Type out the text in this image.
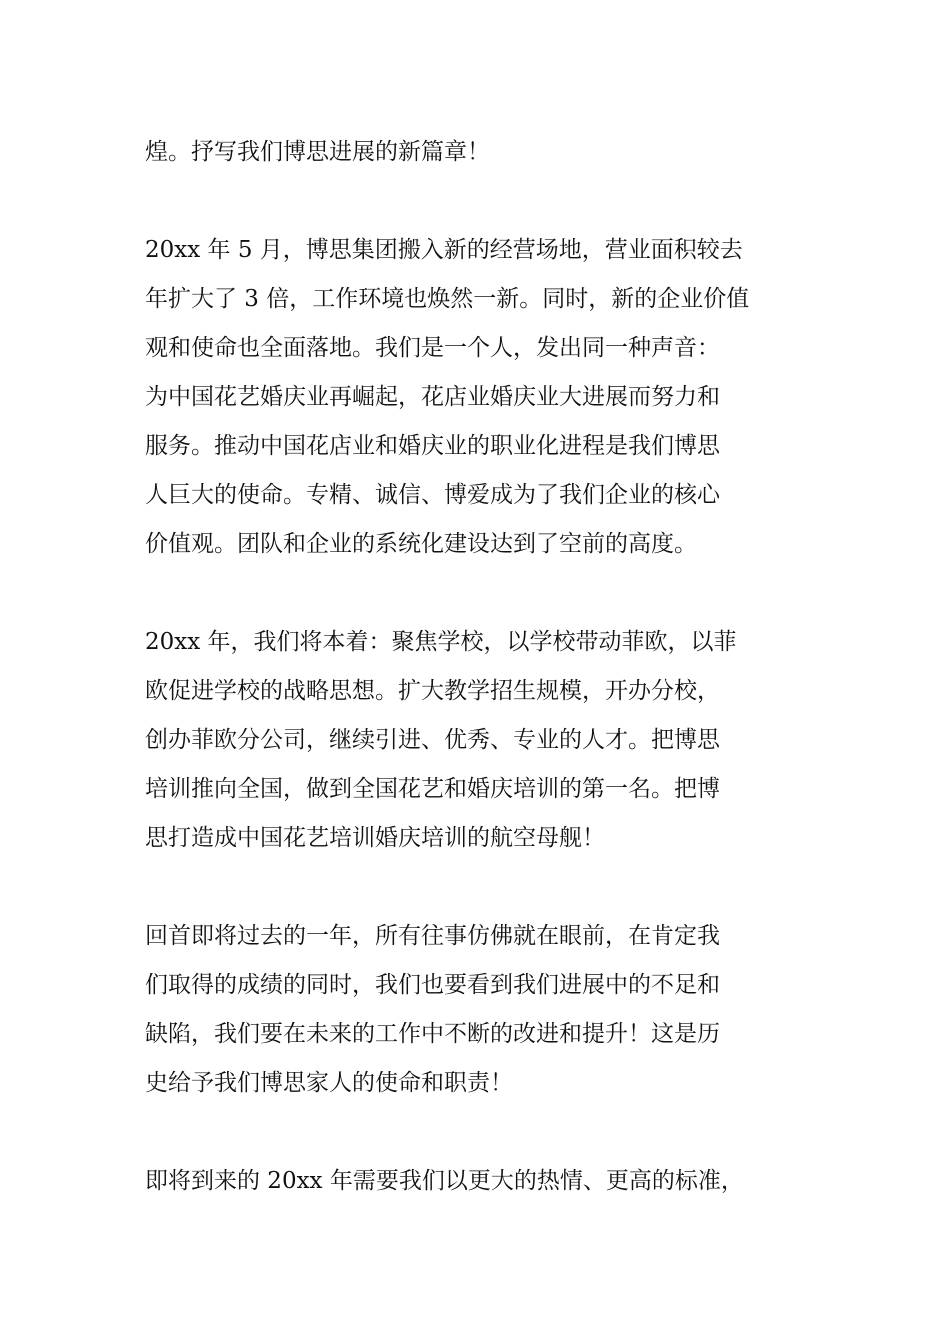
煌。抒写我们博思进展的新篇章！

20xx 年 5 月，博思集团搬入新的经营场地，营业面积较去
年扩大了 3 倍，工作环境也焕然一新。同时，新的企业价值
观和使命也全面落地。我们是一个人，发出同一种声音：
为中国花艺婚庆业再崛起，花店业婚庆业大进展而努力和
服务。推动中国花店业和婚庆业的职业化进程是我们博思
人巨大的使命。专精、诚信、博爱成为了我们企业的核心
价值观。团队和企业的系统化建设达到了空前的高度。

20xx 年，我们将本着：聚焦学校，以学校带动菲欧，以菲
欧促进学校的战略思想。扩大教学招生规模，开办分校，
创办菲欧分公司，继续引进、优秀、专业的人才。把博思
培训推向全国，做到全国花艺和婚庆培训的第一名。把博
思打造成中国花艺培训婚庆培训的航空母舰！

回首即将过去的一年，所有往事仿佛就在眼前，在肯定我
们取得的成绩的同时，我们也要看到我们进展中的不足和
缺陷，我们要在未来的工作中不断的改进和提升！这是历
史给予我们博思家人的使命和职责！

即将到来的 20xx 年需要我们以更大的热情、更高的标准，
